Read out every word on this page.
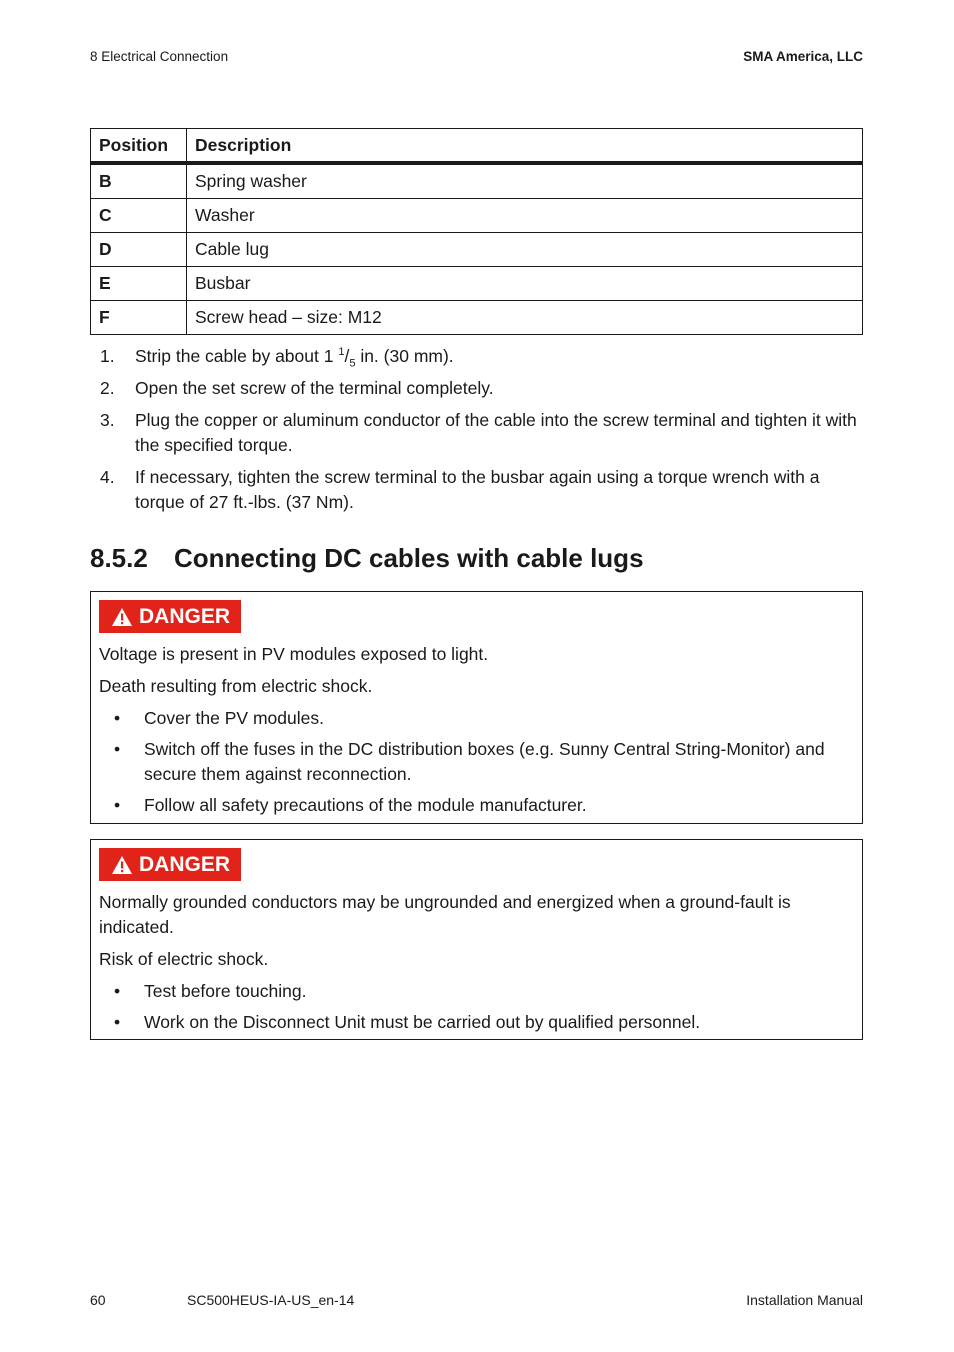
8 Electrical Connection	SMA America, LLC
Position	Description
B	Spring washer
C	Washer
D	Cable lug
E	Busbar
F	Screw head – size: M12
1. Strip the cable by about 1 $^1/_5$ in. (30 mm).
2. Open the set screw of the terminal completely.
3. Plug the copper or aluminum conductor of the cable into the screw terminal and tighten it with the specified torque.
4. If necessary, tighten the screw terminal to the busbar again using a torque wrench with a torque of 27 ft.-lbs. (37 Nm).
8.5.2 Connecting DC cables with cable lugs
DANGER

Voltage is present in PV modules exposed to light.

Death resulting from electric shock.

• Cover the PV modules.
• Switch off the fuses in the DC distribution boxes (e.g. Sunny Central String-Monitor) and secure them against reconnection.
• Follow all safety precautions of the module manufacturer.
DANGER

Normally grounded conductors may be ungrounded and energized when a ground-fault is indicated.

Risk of electric shock.

• Test before touching.
• Work on the Disconnect Unit must be carried out by qualified personnel.
60	SC500HEUS-IA-US_en-14	Installation Manual
